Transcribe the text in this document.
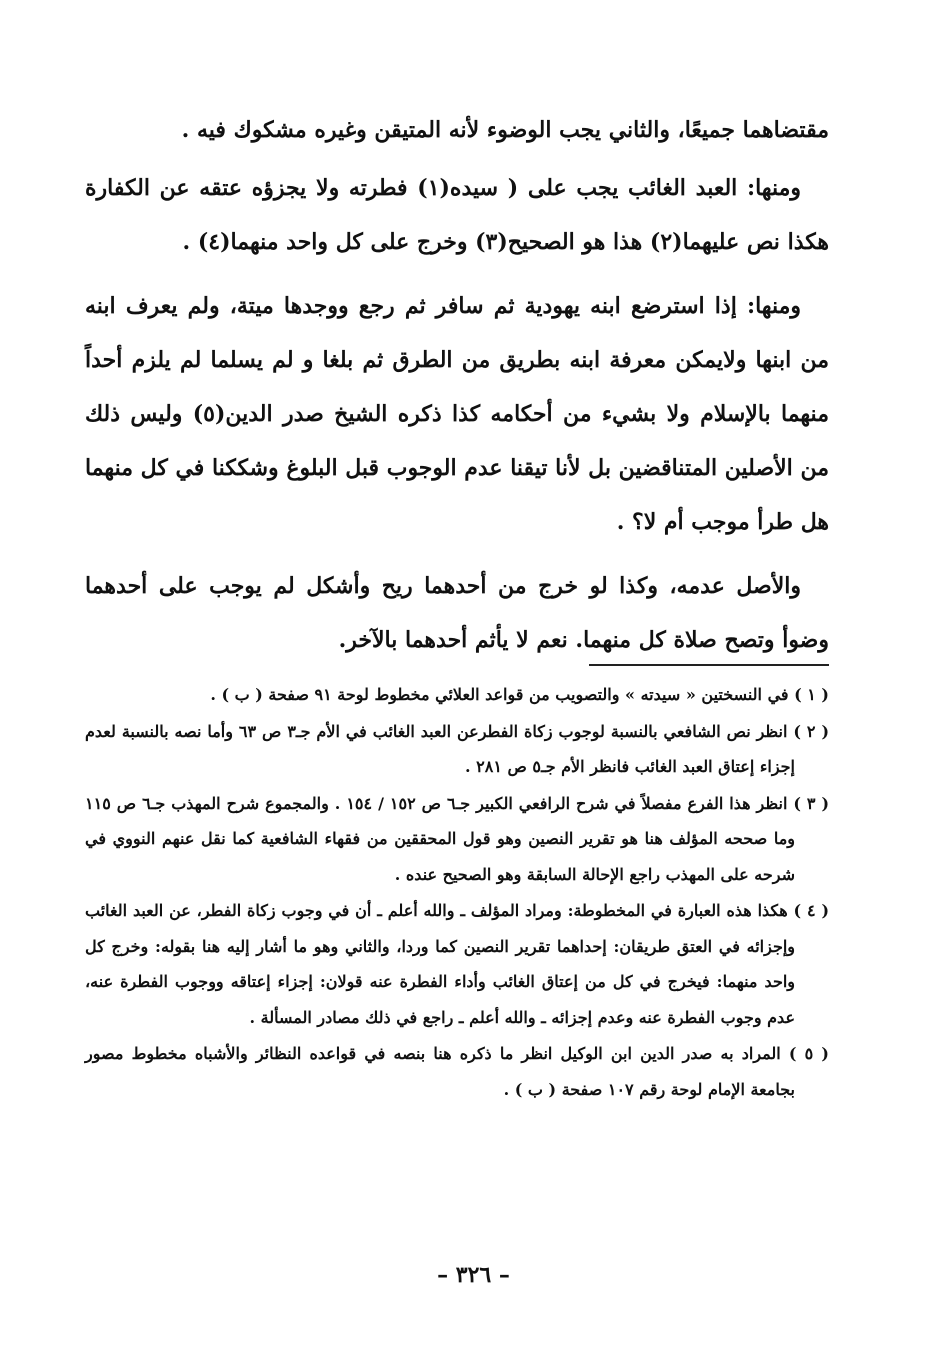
مقتضاهما جميعًا، والثاني يجب الوضوء لأنه المتيقن وغيره مشكوك فيه .

ومنها: العبد الغائب يجب على ( سيده(١) فطرته ولا يجزؤه عتقه عن الكفارة هكذا نص عليهما(٢) هذا هو الصحيح(٣) وخرج على كل واحد منهما(٤) .

ومنها: إذا استرضع ابنه يهودية ثم سافر ثم رجع ووجدها ميتة، ولم يعرف ابنه من ابنها ولايمكن معرفة ابنه بطريق من الطرق ثم بلغا و لم يسلما لم يلزم أحداً منهما بالإسلام ولا بشيء من أحكامه كذا ذكره الشيخ صدر الدين(٥) وليس ذلك من الأصلين المتناقضين بل لأنا تيقنا عدم الوجوب قبل البلوغ وشككنا في كل منهما هل طرأ موجب أم لا؟ .

والأصل عدمه، وكذا لو خرج من أحدهما ريح وأشكل لم يوجب على أحدهما وضوأ وتصح صلاة كل منهما. نعم لا يأثم أحدهما بالآخر.

( ١ ) في النسختين « سيدته » والتصويب من قواعد العلائي مخطوط لوحة ٩١ صفحة ( ب ) .

( ٢ ) انظر نص الشافعي بالنسبة لوجوب زكاة الفطرعن العبد الغائب في الأم جـ٣ ص ٦٣ وأما نصه بالنسبة لعدم إجزاء إعتاق العبد الغائب فانظر الأم جـ٥ ص ٢٨١ .

( ٣ ) انظر هذا الفرع مفصلاً في شرح الرافعي الكبير جـ٦ ص ١٥٢ / ١٥٤ . والمجموع شرح المهذب جـ٦ ص ١١٥ وما صححه المؤلف هنا هو تقرير النصين وهو قول المحققين من فقهاء الشافعية كما نقل عنهم النووي في شرحه على المهذب راجع الإحالة السابقة وهو الصحيح عنده .

( ٤ ) هكذا هذه العبارة في المخطوطة: ومراد المؤلف ـ والله أعلم ـ أن في وجوب زكاة الفطر، عن العبد الغائب وإجزائه في العتق طريقان: إحداهما تقرير النصين كما وردا، والثاني وهو ما أشار إليه هنا بقوله: وخرج كل واحد منهما: فيخرج في كل من إعتاق الغائب وأداء الفطرة عنه قولان: إجزاء إعتاقه ووجوب الفطرة عنه، عدم وجوب الفطرة عنه وعدم إجزائه ـ والله أعلم ـ راجع في ذلك مصادر المسألة .

( ٥ ) المراد به صدر الدين ابن الوكيل انظر ما ذكره هنا بنصه في قواعده النظائر والأشباه مخطوط مصور بجامعة الإمام لوحة رقم ١٠٧ صفحة ( ب ) .

– ٣٢٦ –
